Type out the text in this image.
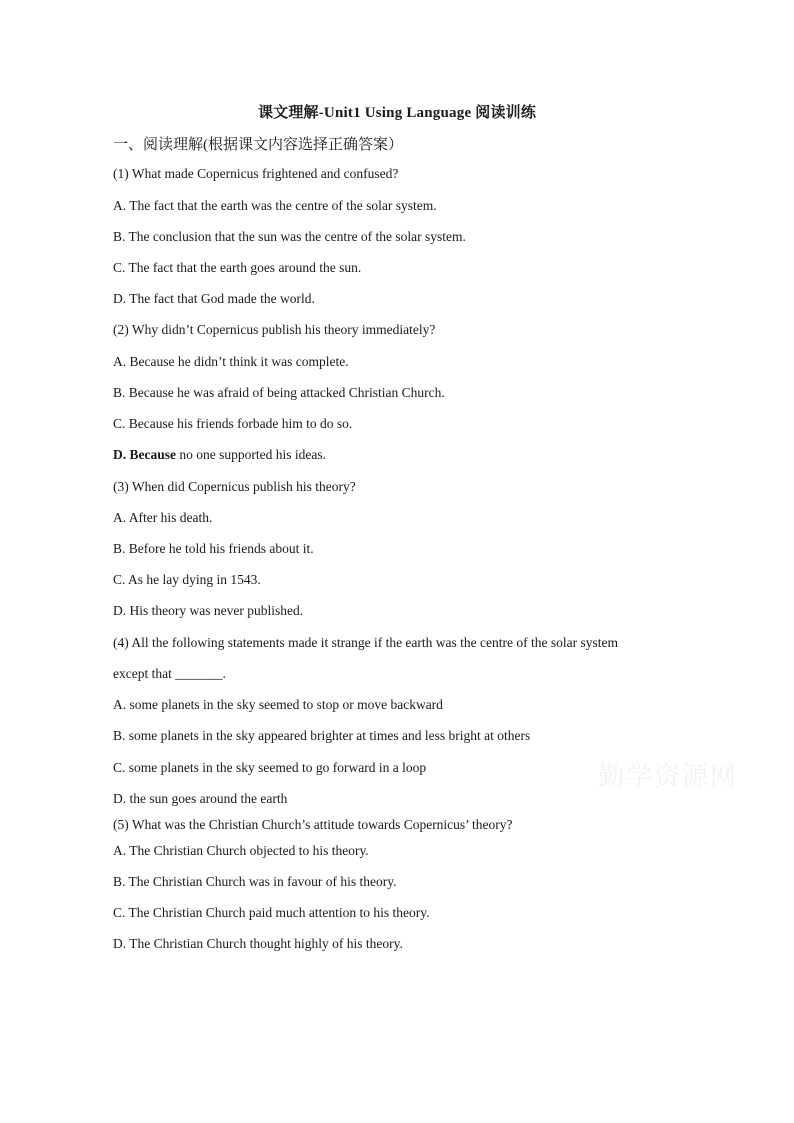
课文理解-Unit1 Using Language 阅读训练
一、阅读理解(根据课文内容选择正确答案）
(1) What made Copernicus frightened and confused?
A. The fact that the earth was the centre of the solar system.
B. The conclusion that the sun was the centre of the solar system.
C. The fact that the earth goes around the sun.
D. The fact that God made the world.
(2) Why didn’t Copernicus publish his theory immediately?
A. Because he didn’t think it was complete.
B. Because he was afraid of being attacked Christian Church.
C. Because his friends forbade him to do so.
D. Because no one supported his ideas.
(3) When did Copernicus publish his theory?
A. After his death.
B. Before he told his friends about it.
C. As he lay dying in 1543.
D. His theory was never published.
(4) All the following statements made it strange if the earth was the centre of the solar system
except that _______.
A. some planets in the sky seemed to stop or move backward
B. some planets in the sky appeared brighter at times and less bright at others
C. some planets in the sky seemed to go forward in a loop
D. the sun goes around the earth
(5) What was the Christian Church’s attitude towards Copernicus’ theory?
A. The Christian Church objected to his theory.
B. The Christian Church was in favour of his theory.
C. The Christian Church paid much attention to his theory.
D. The Christian Church thought highly of his theory.
勤学资源网
